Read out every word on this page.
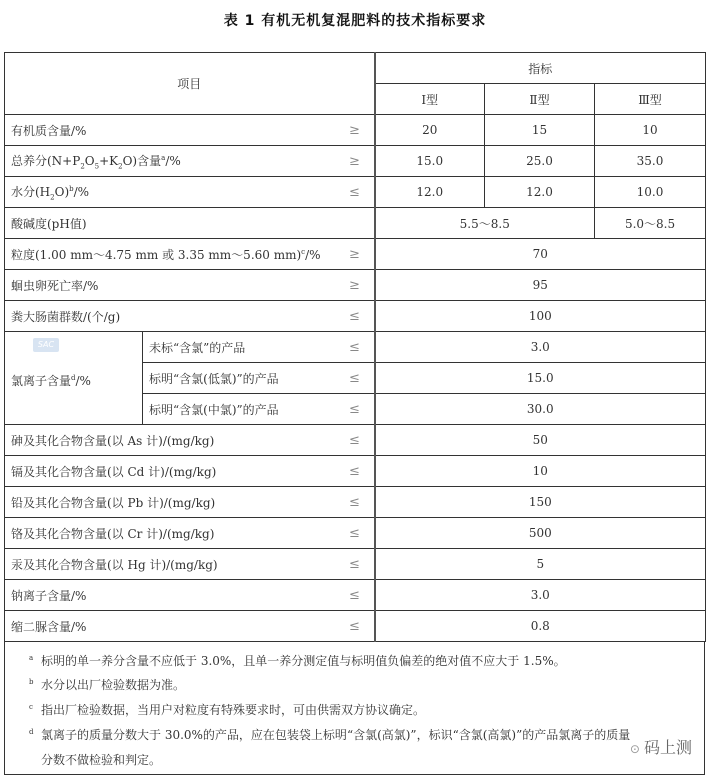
表 1 有机无机复混肥料的技术指标要求
项目			指标		
			Ⅰ型	Ⅱ型	Ⅲ型
有机质含量/%		≥	20	15	10
总养分$(N+P_2O_5+K_2O)$含量$^a$/%		≥	15.0	25.0	35.0
水分$(H_2O)^b/\%$		≤	12.0	12.0	10.0
酸碱度(pH值)			5.5～8.5		5.0～8.5
粒度(1.00 mm～4.75 mm 或 3.35 mm～5.60 mm)$^c$/%		≥	70		
蛔虫卵死亡率/%		≥	95		
粪大肠菌群数/(个/g)		≤	100		

SAC
氯离子含量$^d$/%	未标“含氯”的产品	≤	3.0		
	标明“含氯(低氯)”的产品	≤	15.0		
	标明“含氯(中氯)”的产品	≤	30.0		
砷及其化合物含量(以 As 计)/(mg/kg)		≤	50		
镉及其化合物含量(以 Cd 计)/(mg/kg)		≤	10		
铅及其化合物含量(以 Pb 计)/(mg/kg)		≤	150		
铬及其化合物含量(以 Cr 计)/(mg/kg)		≤	500		
汞及其化合物含量(以 Hg 计)/(mg/kg)		≤	5		
钠离子含量/%		≤	3.0		
缩二脲含量/%		≤	0.8		
a 标明的单一养分含量不应低于 3.0%，且单一养分测定值与标明值负偏差的绝对值不应大于 1.5%。
b 水分以出厂检验数据为准。
c 指出厂检验数据，当用户对粒度有特殊要求时，可由供需双方协议确定。
d 氯离子的质量分数大于 30.0%的产品，应在包装袋上标明“含氯(高氯)”，标识“含氯(高氯)”的产品氯离子的质量分数不做检验和判定。
⊙ 码上测
